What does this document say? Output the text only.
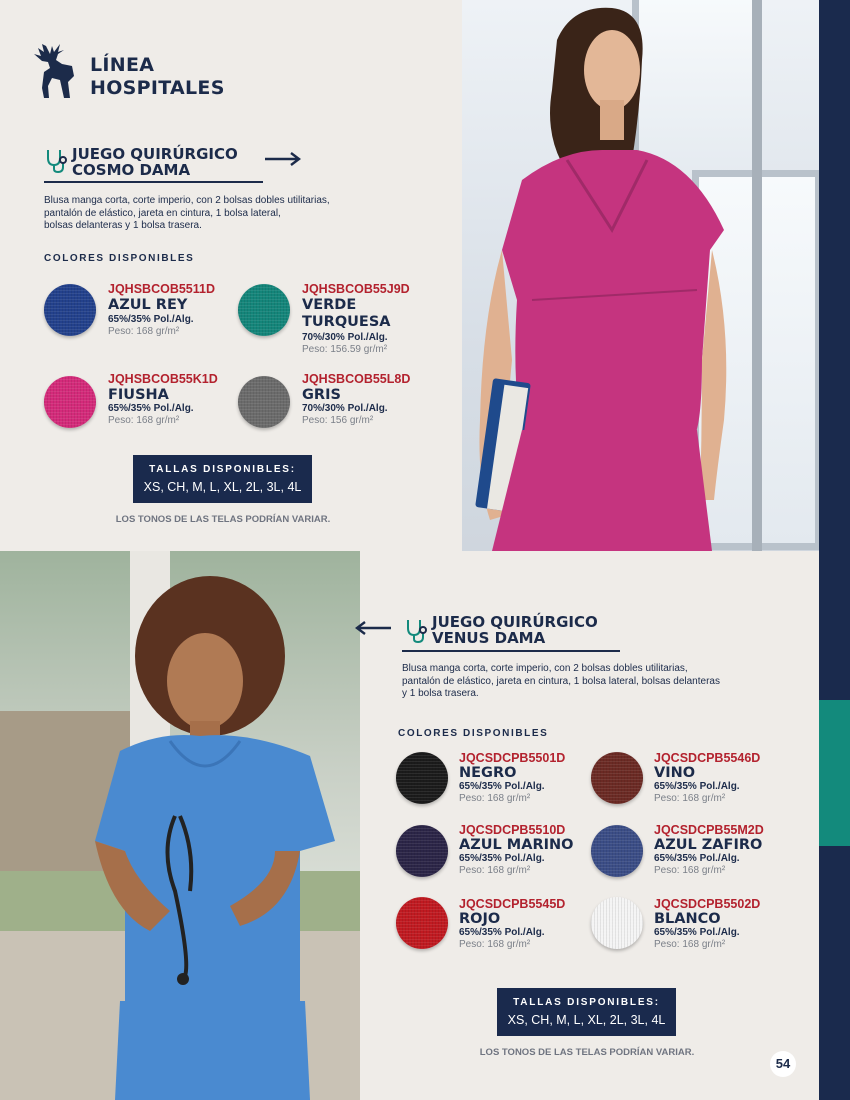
LÍNEA
HOSPITALES
JUEGO QUIRÚRGICO
COSMO DAMA
Blusa manga corta, corte imperio, con 2 bolsas dobles utilitarias,
pantalón de elástico, jareta en cintura, 1 bolsa lateral,
bolsas delanteras y 1 bolsa trasera.
COLORES DISPONIBLES
JQHSBCOB5511D
AZUL REY
65%/35% Pol./Alg.
Peso: 168 gr/m²
JQHSBCOB55J9D
VERDE
TURQUESA
70%/30% Pol./Alg.
Peso: 156.59 gr/m²
JQHSBCOB55K1D
FIUSHA
65%/35% Pol./Alg.
Peso: 168 gr/m²
JQHSBCOB55L8D
GRIS
70%/30% Pol./Alg.
Peso: 156 gr/m²
TALLAS DISPONIBLES:
XS, CH, M, L, XL, 2L, 3L, 4L
LOS TONOS DE LAS TELAS PODRÍAN VARIAR.
JUEGO QUIRÚRGICO
VENUS DAMA
Blusa manga corta, corte imperio, con 2 bolsas dobles utilitarias,
pantalón de elástico, jareta en cintura, 1 bolsa lateral, bolsas delanteras
y 1 bolsa trasera.
COLORES DISPONIBLES
JQCSDCPB5501D
NEGRO
65%/35% Pol./Alg.
Peso: 168 gr/m²
JQCSDCPB5546D
VINO
65%/35% Pol./Alg.
Peso: 168 gr/m²
JQCSDCPB5510D
AZUL MARINO
65%/35% Pol./Alg.
Peso: 168 gr/m²
JQCSDCPB55M2D
AZUL ZAFIRO
65%/35% Pol./Alg.
Peso: 168 gr/m²
JQCSDCPB5545D
ROJO
65%/35% Pol./Alg.
Peso: 168 gr/m²
JQCSDCPB5502D
BLANCO
65%/35% Pol./Alg.
Peso: 168 gr/m²
TALLAS DISPONIBLES:
XS, CH, M, L, XL, 2L, 3L, 4L
LOS TONOS DE LAS TELAS PODRÍAN VARIAR.
54
